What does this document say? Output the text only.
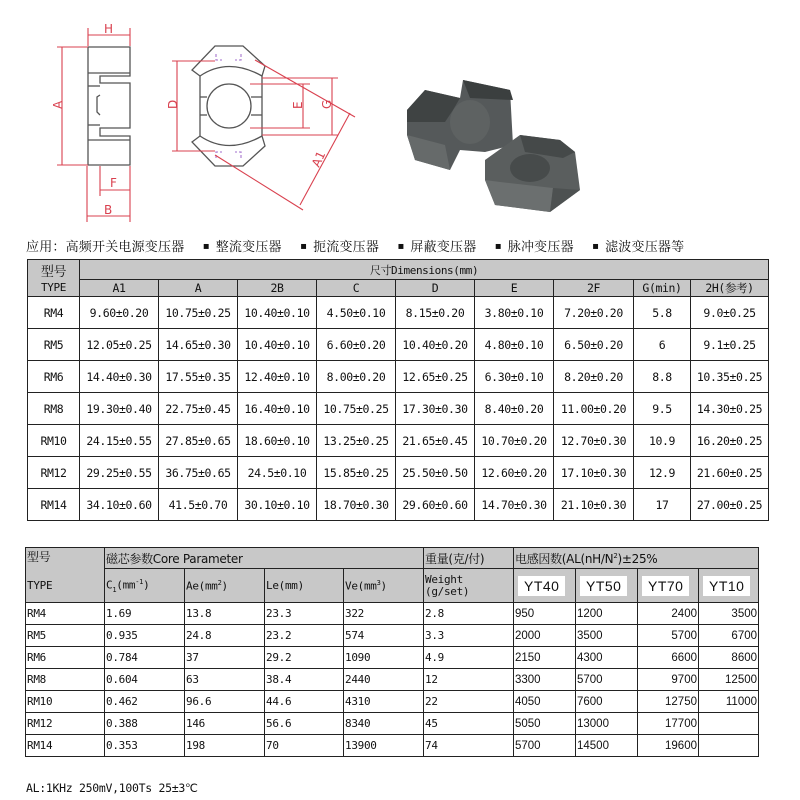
H
A
F
B
D	E G
A1
应用：高频开关电源变压器 ▪ 整流变压器 ▪ 扼流变压器 ▪ 屏蔽变压器 ▪ 脉冲变压器 ▪ 滤波变压器等
型号	尺寸Dimensions(mm)								
TYPE	A1	A	2B	C	D	E	2F	G(min)	2H(参考)
RM4	9.60±0.20	10.75±0.25	10.40±0.10	4.50±0.10	8.15±0.20	3.80±0.10	7.20±0.20	5.8	9.0±0.25
RM5	12.05±0.25	14.65±0.30	10.40±0.10	6.60±0.20	10.40±0.20	4.80±0.10	6.50±0.20	6	9.1±0.25
RM6	14.40±0.30	17.55±0.35	12.40±0.10	8.00±0.20	12.65±0.25	6.30±0.10	8.20±0.20	8.8	10.35±0.25
RM8	19.30±0.40	22.75±0.45	16.40±0.10	10.75±0.25	17.30±0.30	8.40±0.20	11.00±0.20	9.5	14.30±0.25
RM10	24.15±0.55	27.85±0.65	18.60±0.10	13.25±0.25	21.65±0.45	10.70±0.20	12.70±0.30	10.9	16.20±0.25
RM12	29.25±0.55	36.75±0.65	24.5±0.10	15.85±0.25	25.50±0.50	12.60±0.20	17.10±0.30	12.9	21.60±0.25
RM14	34.10±0.60	41.5±0.70	30.10±0.10	18.70±0.30	29.60±0.60	14.70±0.30	21.10±0.30	17	27.00±0.25
型号	磁芯参数Core Parameter				重量(克/付)	电感因数($AL(nH/N^2)\pm 25\%$			
TYPE	$C_1(mm^{-1})$	$Ae(mm^2)$	Le(mm)	$Ve(mm^3)$	Weight
(g/set)	YT40	YT50	YT70	YT10
RM4	1.69	13.8	23.3	322	2.8	950	1200	2400	3500
RM5	0.935	24.8	23.2	574	3.3	2000	3500	5700	6700
RM6	0.784	37	29.2	1090	4.9	2150	4300	6600	8600
RM8	0.604	63	38.4	2440	12	3300	5700	9700	12500
RM10	0.462	96.6	44.6	4310	22	4050	7600	12750	11000
RM12	0.388	146	56.6	8340	45	5050	13000	17700	
RM14	0.353	198	70	13900	74	5700	14500	19600	
AL:1KHz 250mV,100Ts 25±3℃
